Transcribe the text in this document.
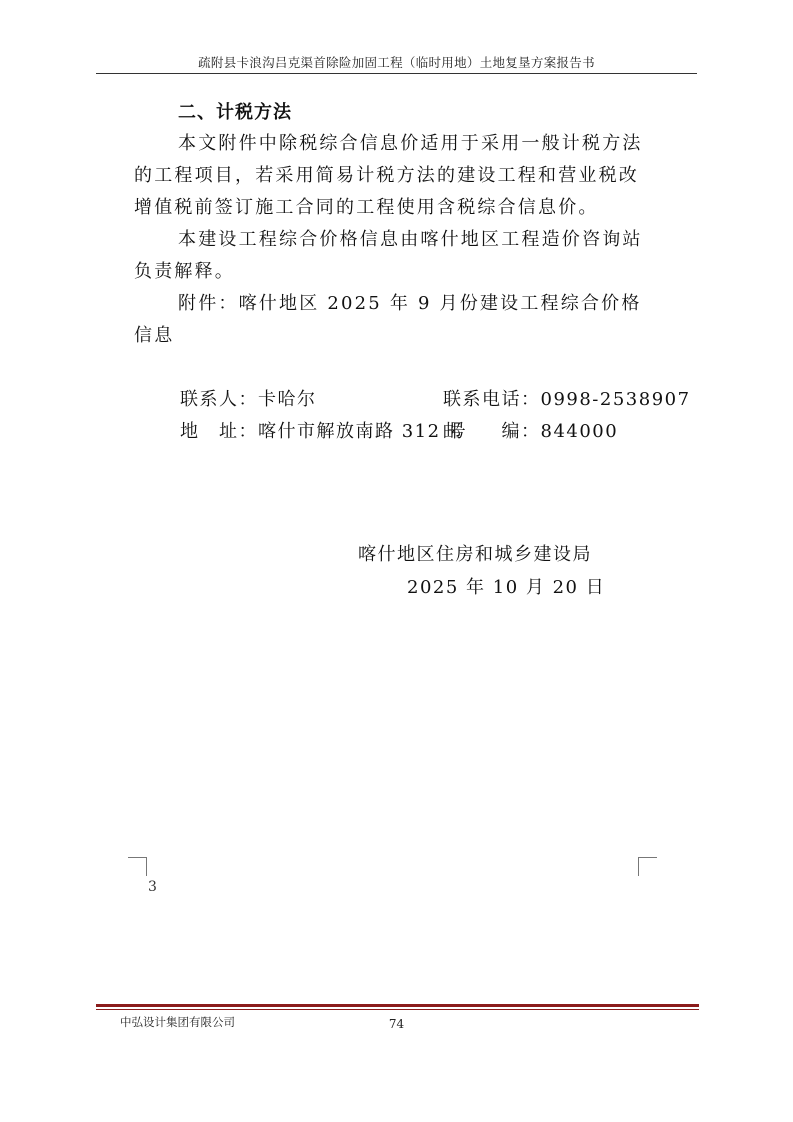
疏附县卡浪沟吕克渠首除险加固工程（临时用地）土地复垦方案报告书
二、计税方法

本文附件中除税综合信息价适用于采用一般计税方法的工程项目，若采用简易计税方法的建设工程和营业税改增值税前签订施工合同的工程使用含税综合信息价。

本建设工程综合价格信息由喀什地区工程造价咨询站负责解释。

附件：喀什地区 2025 年 9 月份建设工程综合价格信息

联系人：卡哈尔	联系电话：0998-2538907
地　址：喀什市解放南路 312 号
邮　　编：844000
喀什地区住房和城乡建设局
2025 年 10 月 20 日
3
中弘设计集团有限公司	74
